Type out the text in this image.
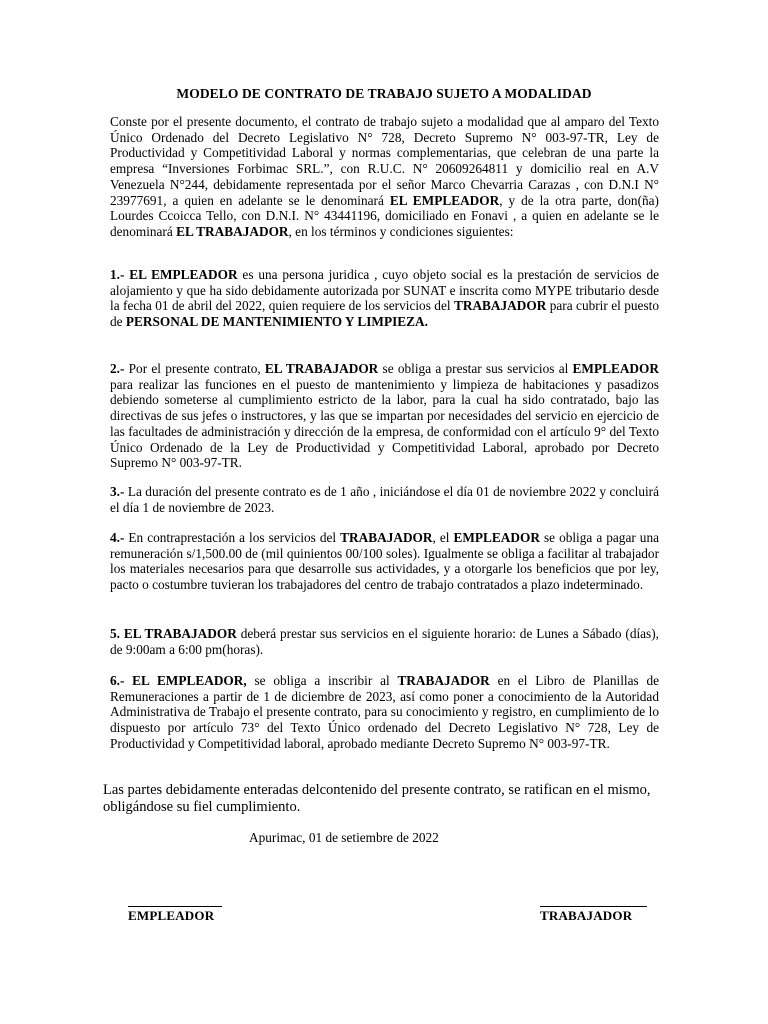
MODELO DE CONTRATO DE TRABAJO SUJETO A MODALIDAD
Conste por el presente documento, el contrato de trabajo sujeto a modalidad que al amparo del Texto Único Ordenado del Decreto Legislativo N° 728, Decreto Supremo N° 003-97-TR, Ley de Productividad y Competitividad Laboral y normas complementarias, que celebran de una parte la empresa “Inversiones Forbimac SRL.”, con R.U.C. N° 20609264811 y domicilio real en A.V Venezuela N°244, debidamente representada por el señor Marco Chevarria Carazas , con D.N.I N° 23977691, a quien en adelante se le denominará EL EMPLEADOR, y de la otra parte, don(ña) Lourdes Ccoicca Tello, con D.N.I. N° 43441196, domiciliado en Fonavi , a quien en adelante se le denominará EL TRABAJADOR, en los términos y condiciones siguientes:
1.- EL EMPLEADOR es una persona juridica , cuyo objeto social es la prestación de servicios de alojamiento y que ha sido debidamente autorizada por SUNAT e inscrita como MYPE tributario desde la fecha 01 de abril del 2022, quien requiere de los servicios del TRABAJADOR para cubrir el puesto de PERSONAL DE MANTENIMIENTO Y LIMPIEZA.
2.- Por el presente contrato, EL TRABAJADOR se obliga a prestar sus servicios al EMPLEADOR para realizar las funciones en el puesto de mantenimiento y limpieza de habitaciones y pasadizos debiendo someterse al cumplimiento estricto de la labor, para la cual ha sido contratado, bajo las directivas de sus jefes o instructores, y las que se impartan por necesidades del servicio en ejercicio de las facultades de administración y dirección de la empresa, de conformidad con el artículo 9° del Texto Único Ordenado de la Ley de Productividad y Competitividad Laboral, aprobado por Decreto Supremo N° 003-97-TR.
3.- La duración del presente contrato es de 1 año , iniciándose el día 01 de noviembre 2022 y concluirá el día 1 de noviembre de 2023.
4.- En contraprestación a los servicios del TRABAJADOR, el EMPLEADOR se obliga a pagar una remuneración s/1,500.00 de (mil quinientos 00/100 soles). Igualmente se obliga a facilitar al trabajador los materiales necesarios para que desarrolle sus actividades, y a otorgarle los beneficios que por ley, pacto o costumbre tuvieran los trabajadores del centro de trabajo contratados a plazo indeterminado.
5. EL TRABAJADOR deberá prestar sus servicios en el siguiente horario: de Lunes a Sábado (días), de 9:00am a 6:00 pm(horas).
6.- EL EMPLEADOR, se obliga a inscribir al TRABAJADOR en el Libro de Planillas de Remuneraciones a partir de 1 de diciembre de 2023, así como poner a conocimiento de la Autoridad Administrativa de Trabajo el presente contrato, para su conocimiento y registro, en cumplimiento de lo dispuesto por artículo 73° del Texto Único ordenado del Decreto Legislativo N° 728, Ley de Productividad y Competitividad laboral, aprobado mediante Decreto Supremo N° 003-97-TR.
Las partes debidamente enteradas delcontenido del presente contrato, se ratifican en el mismo, obligándose su fiel cumplimiento.
Apurimac, 01 de setiembre de 2022
EMPLEADOR	TRABAJADOR
